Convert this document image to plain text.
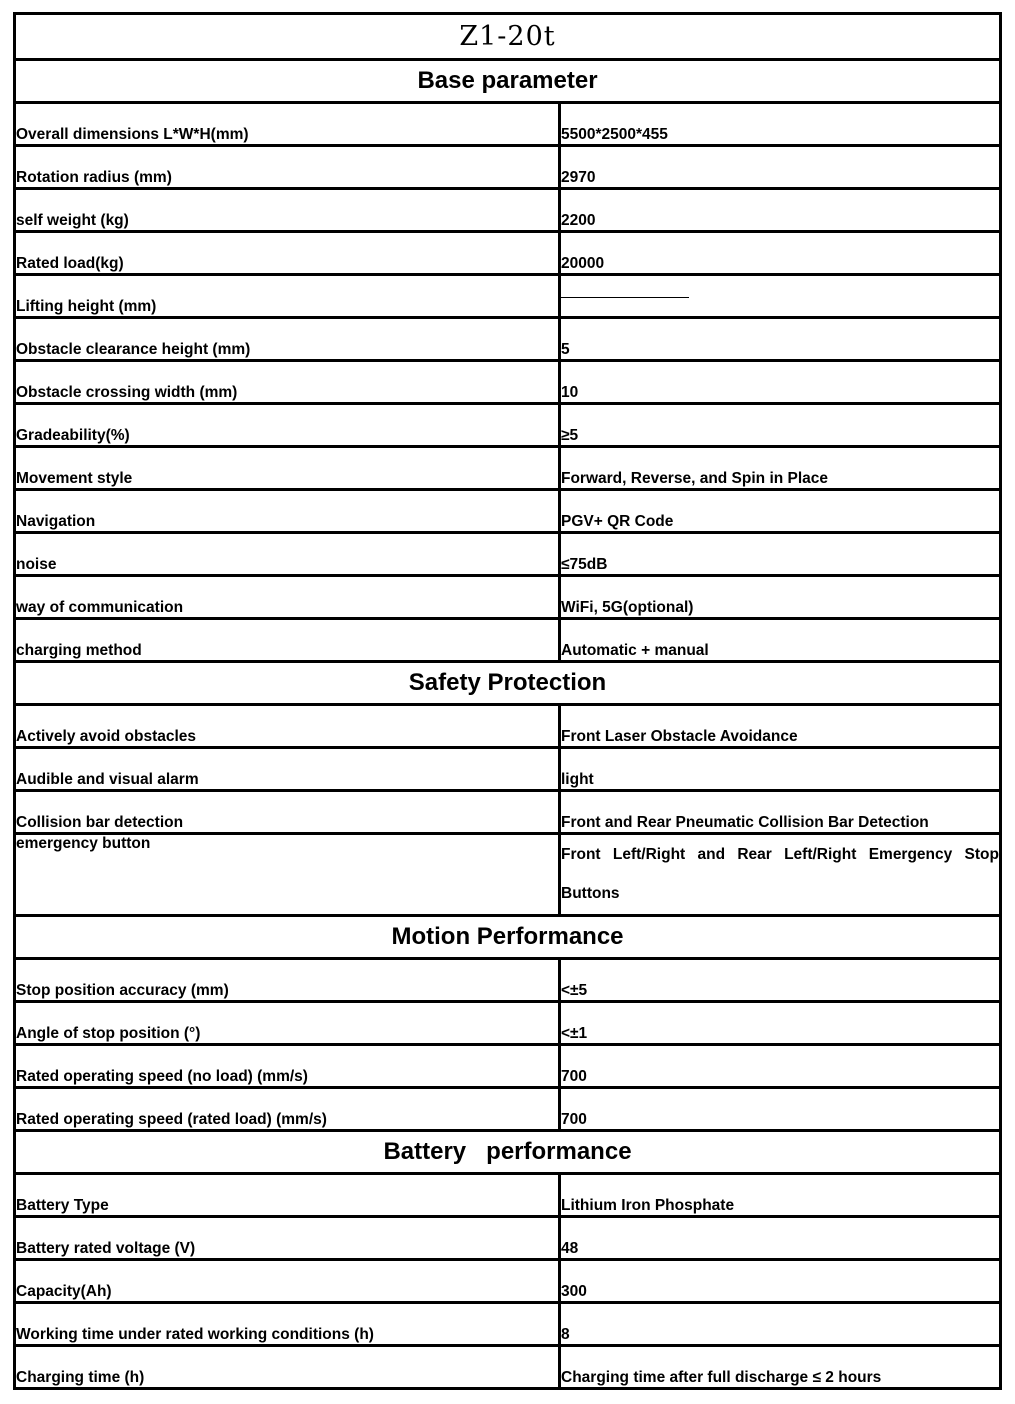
Z1-20t	
Base parameter	
Overall dimensions L*W*H(mm)	5500*2500*455
Rotation radius (mm)	2970
self weight (kg)	2200
Rated load(kg)	20000
Lifting height (mm)	
Obstacle clearance height (mm)	5
Obstacle crossing width (mm)	10
Gradeability(%)	≥5
Movement style	Forward, Reverse, and Spin in Place
Navigation	PGV+ QR Code
noise	≤75dB
way of communication	WiFi, 5G(optional)
charging method	Automatic + manual
Safety Protection	
Actively avoid obstacles	Front Laser Obstacle Avoidance
Audible and visual alarm	light
Collision bar detection	Front and Rear Pneumatic Collision Bar Detection
emergency button	Front Left/Right and Rear Left/Right Emergency Stop Buttons
Motion Performance	
Stop position accuracy (mm)	<±5
Angle of stop position (°)	<±1
Rated operating speed (no load) (mm/s)	700
Rated operating speed (rated load) (mm/s)	700
Battery   performance	
Battery Type	Lithium Iron Phosphate
Battery rated voltage (V)	48
Capacity(Ah)	300
Working time under rated working conditions (h)	8
Charging time (h)	Charging time after full discharge ≤ 2 hours
